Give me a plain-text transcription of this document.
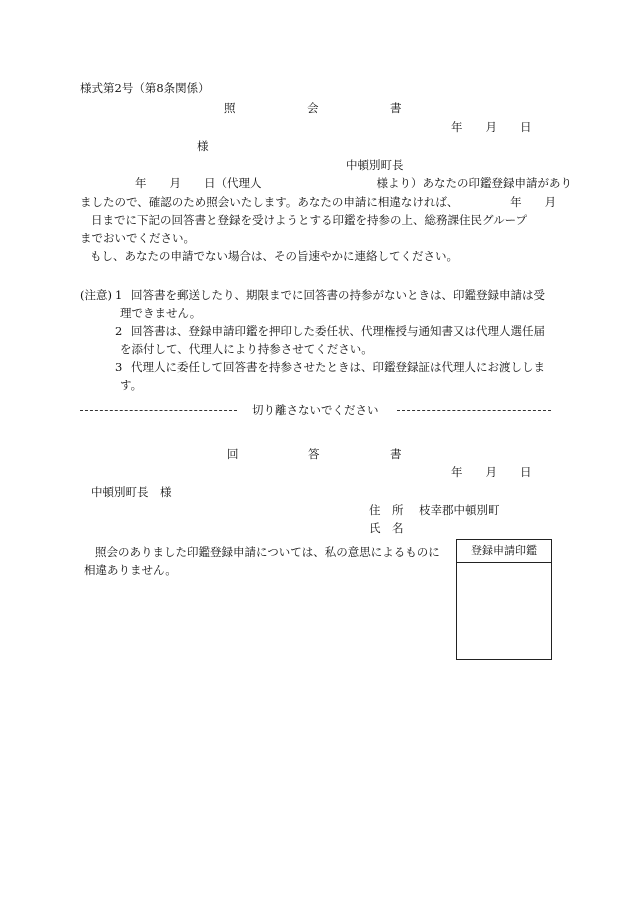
様式第2号（第8条関係）
照	会	書
年　　月　　日
様
中頓別町長
年　　月　　日（代理人　　　　　　　　　　様より）あなたの印鑑登録申請があり
ましたので、確認のため照会いたします。あなたの申請に相違なければ、　　　　　年　　月
日までに下記の回答書と登録を受けようとする印鑑を持参の上、総務課住民グループ
までおいでください。
もし、あなたの申請でない場合は、その旨速やかに連絡してください。
(注意) 1 回答書を郵送したり、期限までに回答書の持参がないときは、印鑑登録申請は受
理できません。
2 回答書は、登録申請印鑑を押印した委任状、代理権授与通知書又は代理人選任届
を添付して、代理人により持参させてください。
3 代理人に委任して回答書を持参させたときは、印鑑登録証は代理人にお渡ししま
す。
切り離さないでください
回	答	書
年　　月　　日
中頓別町長　様
住　所 枝幸郡中頓別町
氏　名
照会のありました印鑑登録申請については、私の意思によるものに
相違ありません。
登録申請印鑑
